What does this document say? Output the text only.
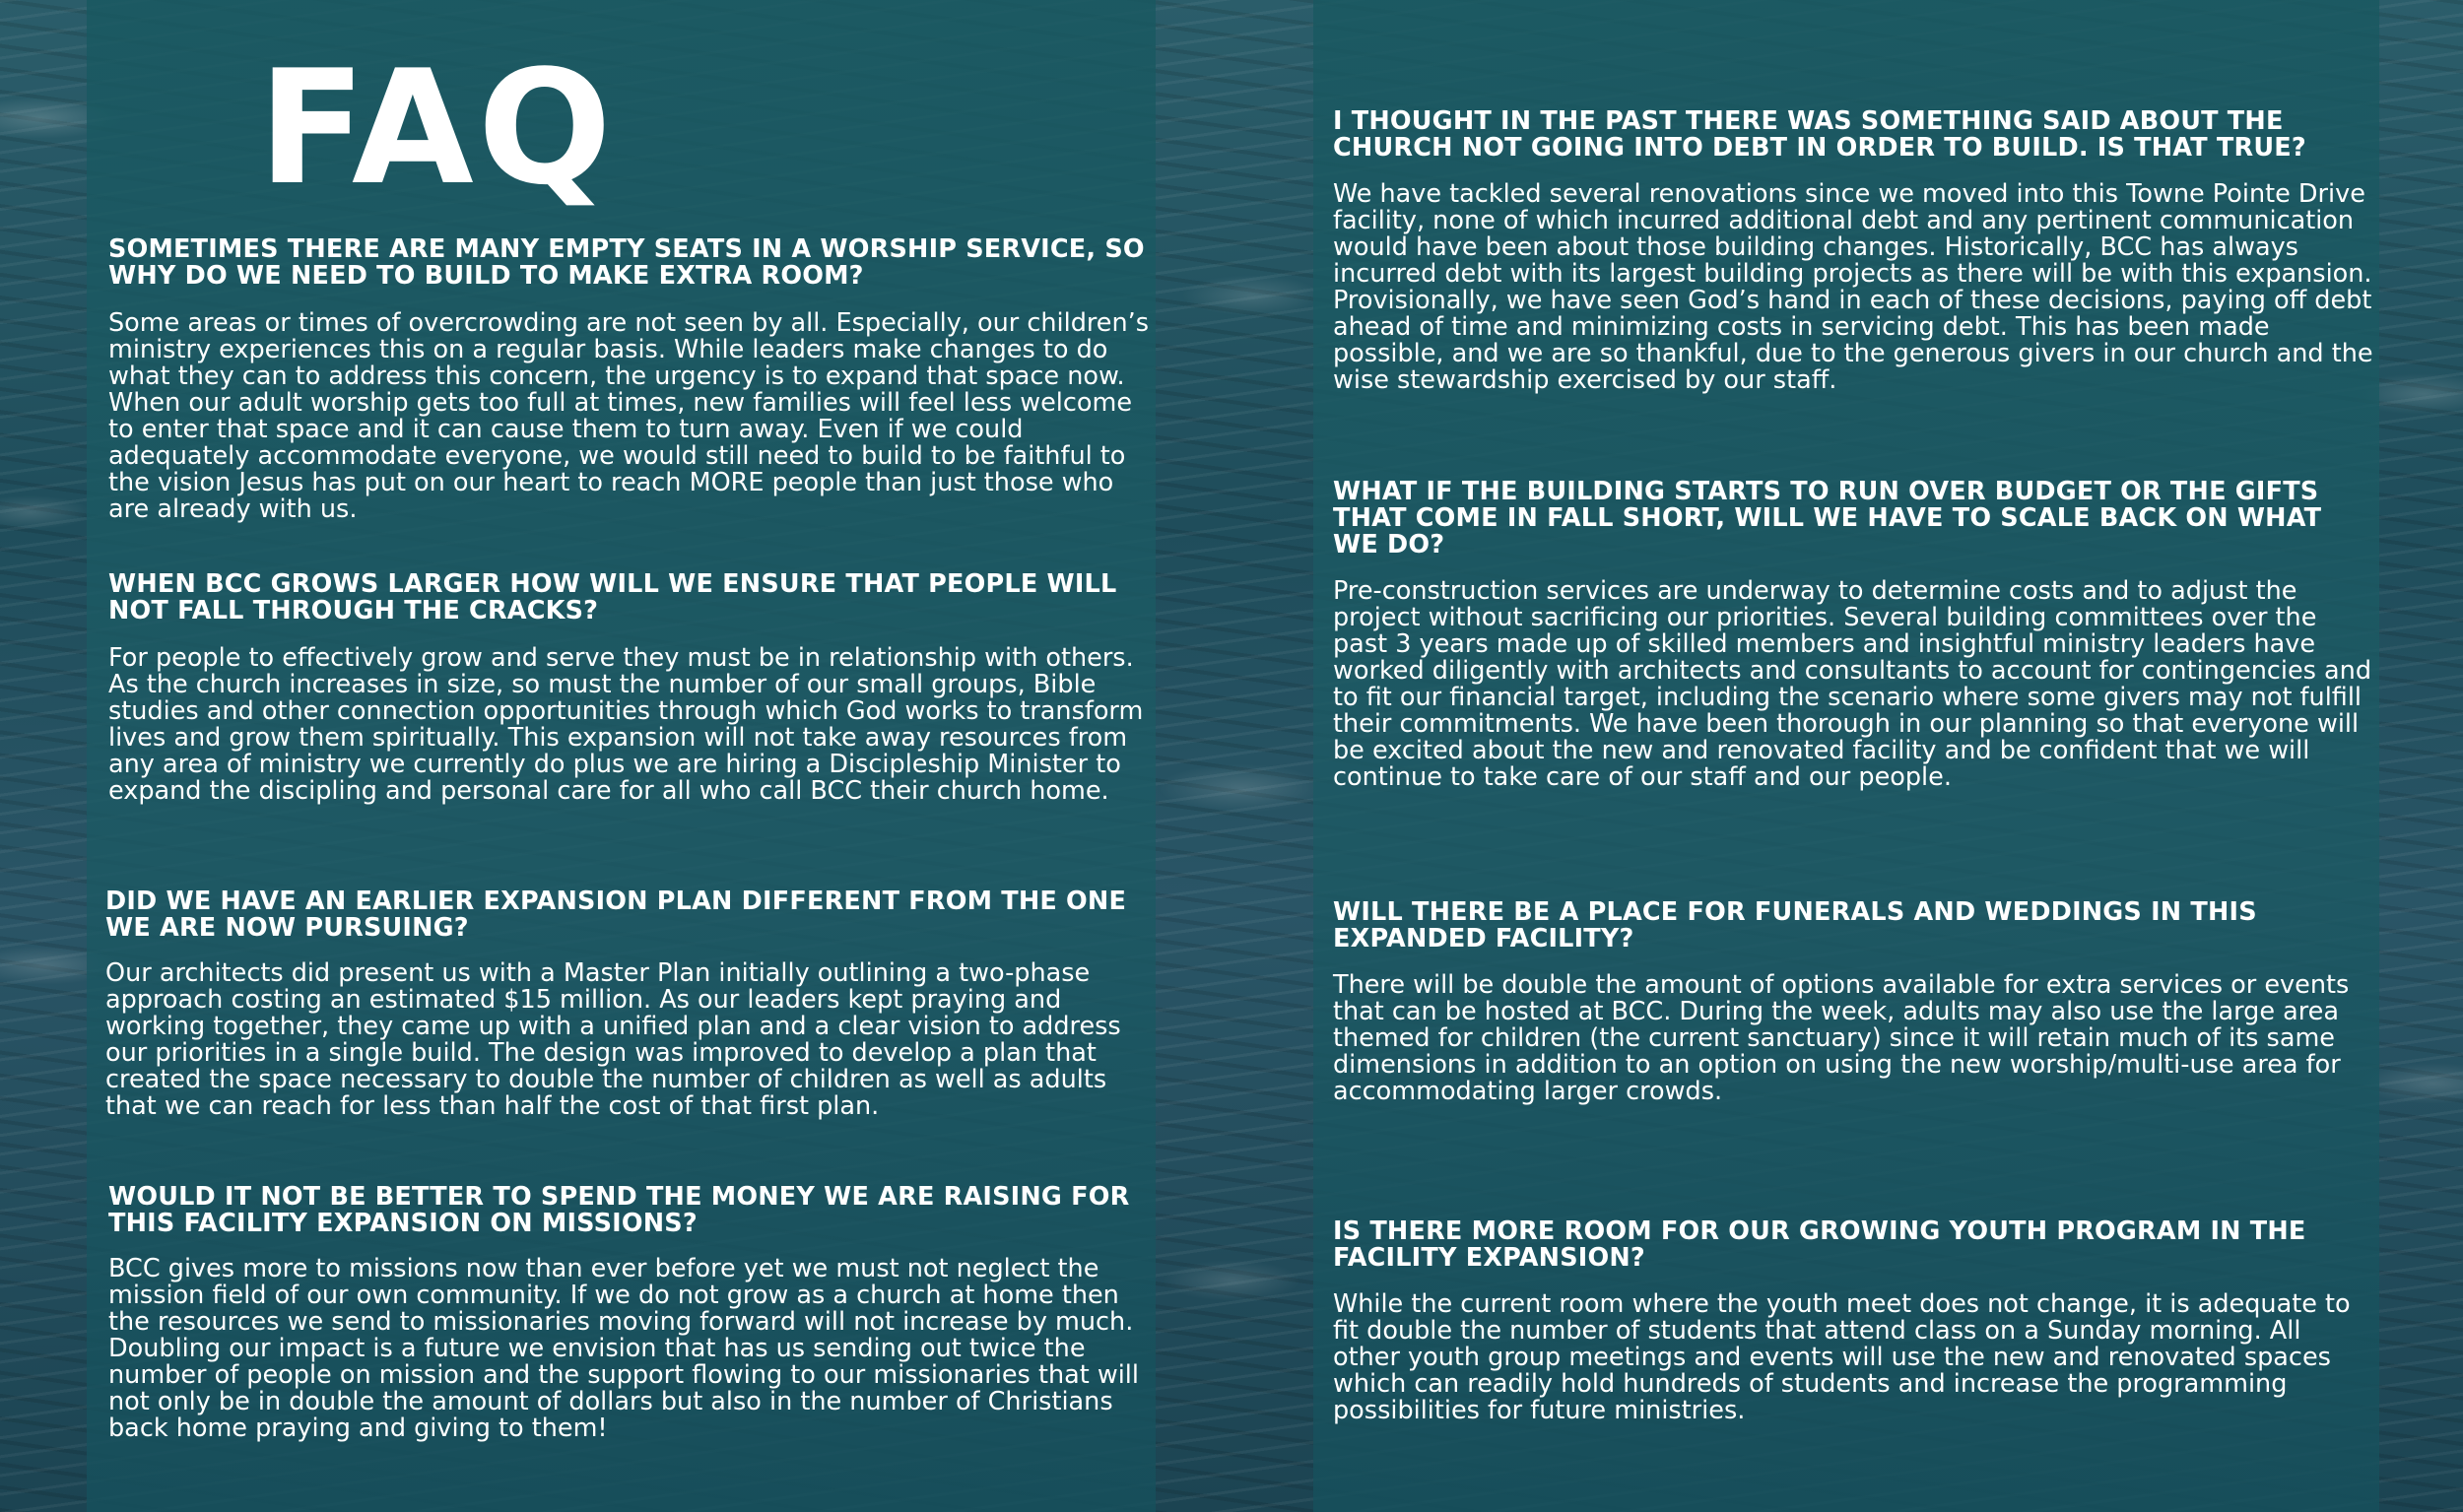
FAQ

SOMETIMES THERE ARE MANY EMPTY SEATS IN A WORSHIP SERVICE, SO WHY DO WE NEED TO BUILD TO MAKE EXTRA ROOM?

Some areas or times of overcrowding are not seen by all. Especially, our children’s ministry experiences this on a regular basis. While leaders make changes to do what they can to address this concern, the urgency is to expand that space now. When our adult worship gets too full at times, new families will feel less welcome to enter that space and it can cause them to turn away. Even if we could adequately accommodate everyone, we would still need to build to be faithful to the vision Jesus has put on our heart to reach MORE people than just those who are already with us.

WHEN BCC GROWS LARGER HOW WILL WE ENSURE THAT PEOPLE WILL NOT FALL THROUGH THE CRACKS?

For people to effectively grow and serve they must be in relationship with others. As the church increases in size, so must the number of our small groups, Bible studies and other connection opportunities through which God works to transform lives and grow them spiritually. This expansion will not take away resources from any area of ministry we currently do plus we are hiring a Discipleship Minister to expand the discipling and personal care for all who call BCC their church home.

DID WE HAVE AN EARLIER EXPANSION PLAN DIFFERENT FROM THE ONE WE ARE NOW PURSUING?

Our architects did present us with a Master Plan initially outlining a two-phase approach costing an estimated $15 million. As our leaders kept praying and working together, they came up with a unified plan and a clear vision to address our priorities in a single build. The design was improved to develop a plan that created the space necessary to double the number of children as well as adults that we can reach for less than half the cost of that first plan.

WOULD IT NOT BE BETTER TO SPEND THE MONEY WE ARE RAISING FOR THIS FACILITY EXPANSION ON MISSIONS?

BCC gives more to missions now than ever before yet we must not neglect the mission field of our own community. If we do not grow as a church at home then the resources we send to missionaries moving forward will not increase by much. Doubling our impact is a future we envision that has us sending out twice the number of people on mission and the support flowing to our missionaries that will not only be in double the amount of dollars but also in the number of Christians back home praying and giving to them!

I THOUGHT IN THE PAST THERE WAS SOMETHING SAID ABOUT THE CHURCH NOT GOING INTO DEBT IN ORDER TO BUILD. IS THAT TRUE?

We have tackled several renovations since we moved into this Towne Pointe Drive facility, none of which incurred additional debt and any pertinent communication would have been about those building changes. Historically, BCC has always incurred debt with its largest building projects as there will be with this expansion. Provisionally, we have seen God’s hand in each of these decisions, paying off debt ahead of time and minimizing costs in servicing debt. This has been made possible, and we are so thankful, due to the generous givers in our church and the wise stewardship exercised by our staff.

WHAT IF THE BUILDING STARTS TO RUN OVER BUDGET OR THE GIFTS THAT COME IN FALL SHORT, WILL WE HAVE TO SCALE BACK ON WHAT WE DO?

Pre-construction services are underway to determine costs and to adjust the project without sacrificing our priorities. Several building committees over the past 3 years made up of skilled members and insightful ministry leaders have worked diligently with architects and consultants to account for contingencies and to fit our financial target, including the scenario where some givers may not fulfill their commitments. We have been thorough in our planning so that everyone will be excited about the new and renovated facility and be confident that we will continue to take care of our staff and our people.

WILL THERE BE A PLACE FOR FUNERALS AND WEDDINGS IN THIS EXPANDED FACILITY?

There will be double the amount of options available for extra services or events that can be hosted at BCC. During the week, adults may also use the large area themed for children (the current sanctuary) since it will retain much of its same dimensions in addition to an option on using the new worship/multi-use area for accommodating larger crowds.

IS THERE MORE ROOM FOR OUR GROWING YOUTH PROGRAM IN THE FACILITY EXPANSION?

While the current room where the youth meet does not change, it is adequate to fit double the number of students that attend class on a Sunday morning. All other youth group meetings and events will use the new and renovated spaces which can readily hold hundreds of students and increase the programming possibilities for future ministries.
